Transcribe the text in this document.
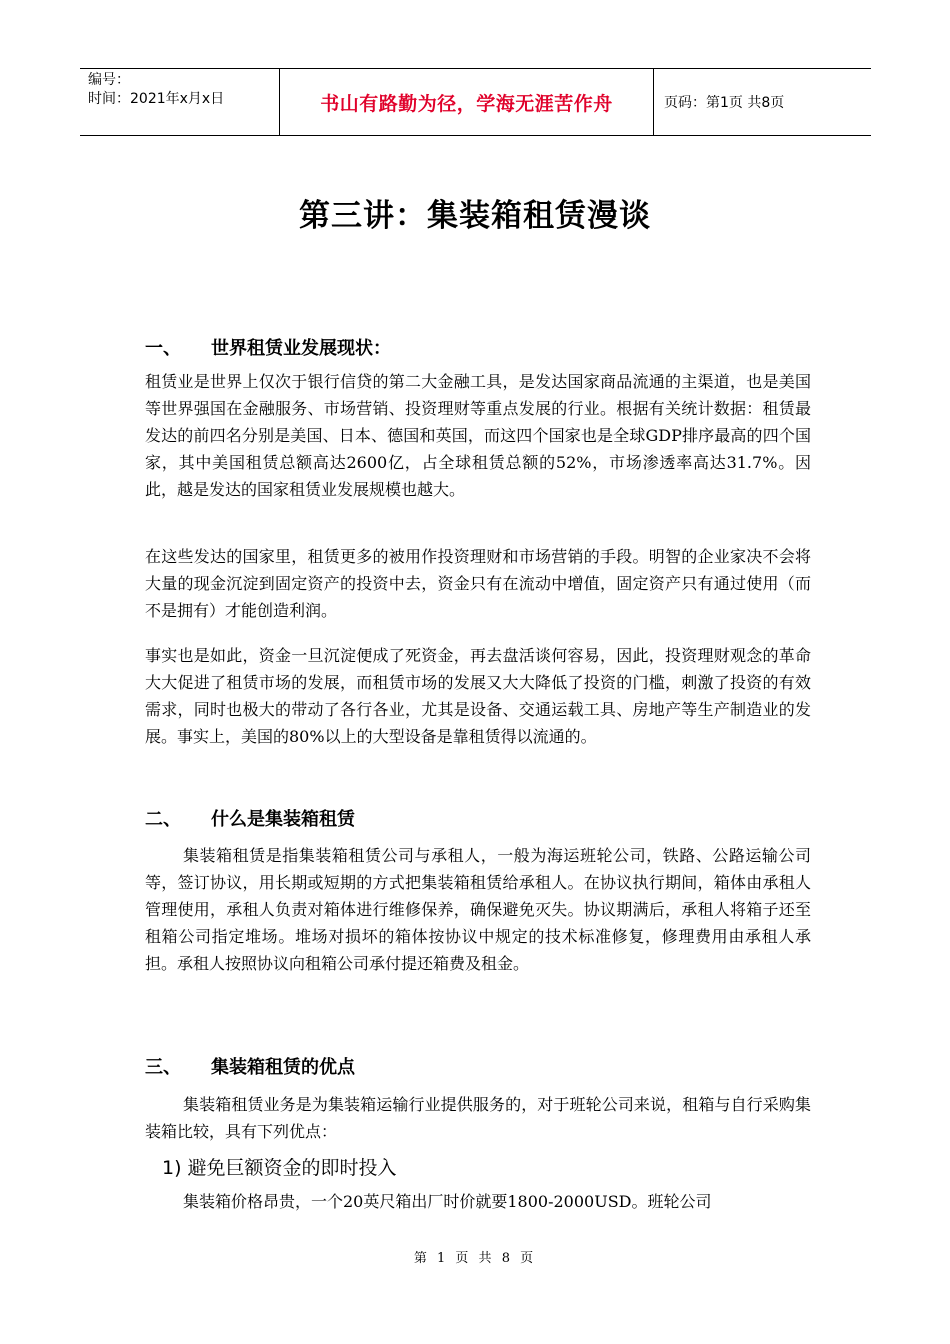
编号：
时间：2021年x月x日	书山有路勤为径，学海无涯苦作舟	页码：第1页 共8页
第三讲：集装箱租赁漫谈
一、 世界租赁业发展现状：

租赁业是世界上仅次于银行信贷的第二大金融工具，是发达国家商品流通的主渠道，也是美国等世界强国在金融服务、市场营销、投资理财等重点发展的行业。根据有关统计数据：租赁最发达的前四名分别是美国、日本、德国和英国，而这四个国家也是全球GDP排序最高的四个国家，其中美国租赁总额高达2600亿，占全球租赁总额的52%，市场渗透率高达31.7%。因此，越是发达的国家租赁业发展规模也越大。

在这些发达的国家里，租赁更多的被用作投资理财和市场营销的手段。明智的企业家决不会将大量的现金沉淀到固定资产的投资中去，资金只有在流动中增值，固定资产只有通过使用（而不是拥有）才能创造利润。

事实也是如此，资金一旦沉淀便成了死资金，再去盘活谈何容易，因此，投资理财观念的革命大大促进了租赁市场的发展，而租赁市场的发展又大大降低了投资的门槛，刺激了投资的有效需求，同时也极大的带动了各行各业，尤其是设备、交通运载工具、房地产等生产制造业的发展。事实上，美国的80%以上的大型设备是靠租赁得以流通的。

二、 什么是集装箱租赁

集装箱租赁是指集装箱租赁公司与承租人，一般为海运班轮公司，铁路、公路运输公司等，签订协议，用长期或短期的方式把集装箱租赁给承租人。在协议执行期间，箱体由承租人管理使用，承租人负责对箱体进行维修保养，确保避免灭失。协议期满后，承租人将箱子还至租箱公司指定堆场。堆场对损坏的箱体按协议中规定的技术标准修复，修理费用由承租人承担。承租人按照协议向租箱公司承付提还箱费及租金。

三、 集装箱租赁的优点

集装箱租赁业务是为集装箱运输行业提供服务的，对于班轮公司来说，租箱与自行采购集装箱比较，具有下列优点：

1) 避免巨额资金的即时投入

集装箱价格昂贵，一个20英尺箱出厂时价就要1800-2000USD。班轮公司

第 1 页 共 8 页
